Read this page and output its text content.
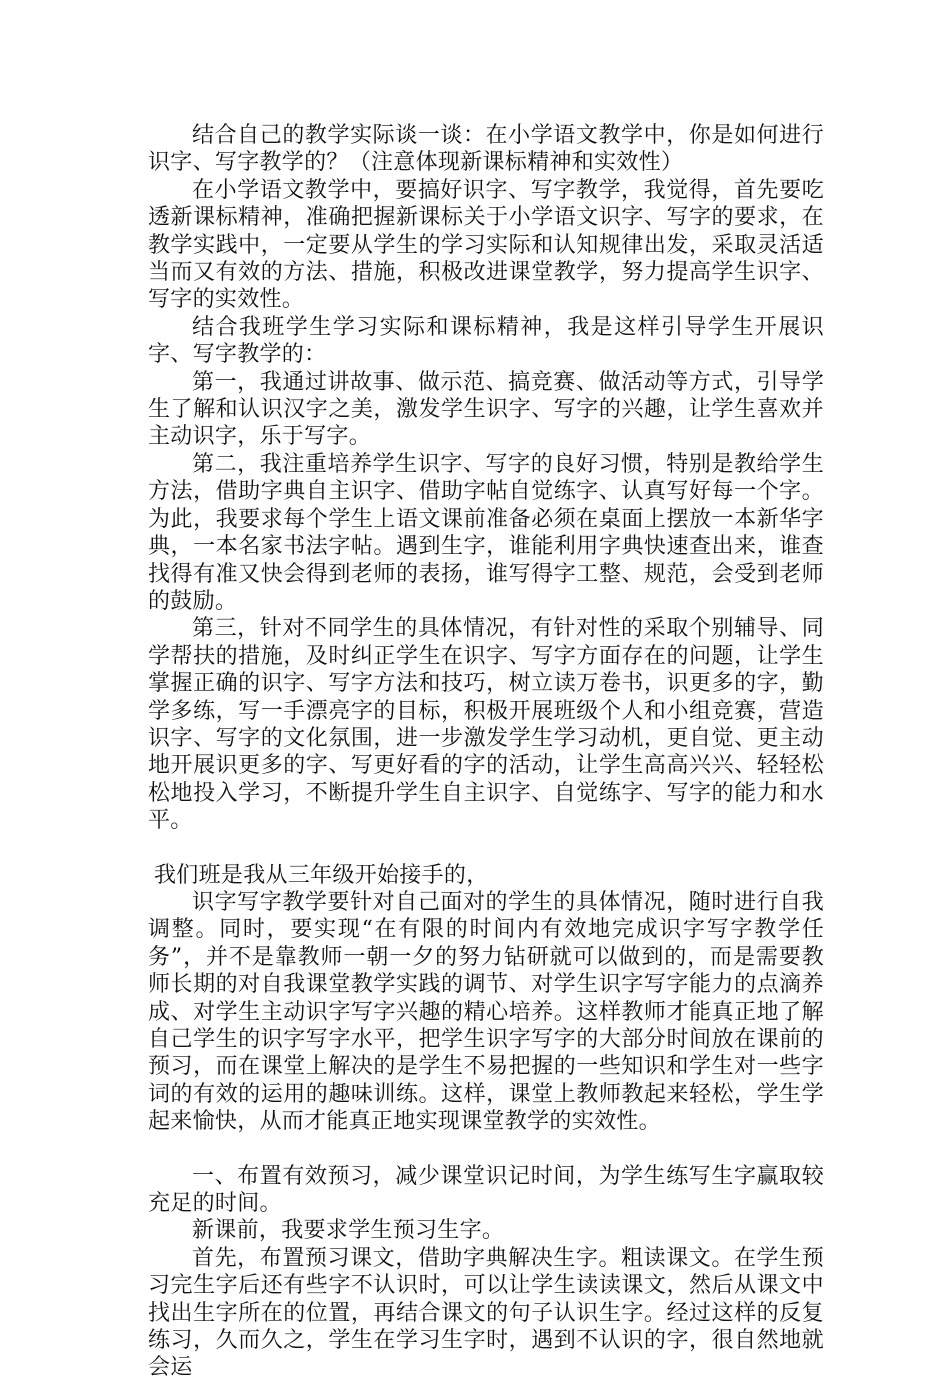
结合自己的教学实际谈一谈：在小学语文教学中，你是如何进行识字、写字教学的？（注意体现新课标精神和实效性）

在小学语文教学中，要搞好识字、写字教学，我觉得，首先要吃透新课标精神，准确把握新课标关于小学语文识字、写字的要求，在教学实践中，一定要从学生的学习实际和认知规律出发，采取灵活适当而又有效的方法、措施，积极改进课堂教学，努力提高学生识字、写字的实效性。

结合我班学生学习实际和课标精神，我是这样引导学生开展识字、写字教学的：

第一，我通过讲故事、做示范、搞竞赛、做活动等方式，引导学生了解和认识汉字之美，激发学生识字、写字的兴趣，让学生喜欢并主动识字，乐于写字。

第二，我注重培养学生识字、写字的良好习惯，特别是教给学生方法，借助字典自主识字、借助字帖自觉练字、认真写好每一个字。为此，我要求每个学生上语文课前准备必须在桌面上摆放一本新华字典，一本名家书法字帖。遇到生字，谁能利用字典快速查出来，谁查找得有准又快会得到老师的表扬，谁写得字工整、规范，会受到老师的鼓励。

第三，针对不同学生的具体情况，有针对性的采取个别辅导、同学帮扶的措施，及时纠正学生在识字、写字方面存在的问题，让学生掌握正确的识字、写字方法和技巧，树立读万卷书，识更多的字，勤学多练，写一手漂亮字的目标，积极开展班级个人和小组竞赛，营造识字、写字的文化氛围，进一步激发学生学习动机，更自觉、更主动地开展识更多的字、写更好看的字的活动，让学生高高兴兴、轻轻松松地投入学习，不断提升学生自主识字、自觉练字、写字的能力和水平。

我们班是我从三年级开始接手的，

识字写字教学要针对自己面对的学生的具体情况，随时进行自我调整。同时，要实现“在有限的时间内有效地完成识字写字教学任务”，并不是靠教师一朝一夕的努力钻研就可以做到的，而是需要教师长期的对自我课堂教学实践的调节、对学生识字写字能力的点滴养成、对学生主动识字写字兴趣的精心培养。这样教师才能真正地了解自己学生的识字写字水平，把学生识字写字的大部分时间放在课前的预习，而在课堂上解决的是学生不易把握的一些知识和学生对一些字词的有效的运用的趣味训练。这样，课堂上教师教起来轻松，学生学起来愉快，从而才能真正地实现课堂教学的实效性。

一、布置有效预习，减少课堂识记时间，为学生练写生字赢取较充足的时间。

新课前，我要求学生预习生字。

首先，布置预习课文，借助字典解决生字。粗读课文。在学生预习完生字后还有些字不认识时，可以让学生读读课文，然后从课文中找出生字所在的位置，再结合课文的句子认识生字。经过这样的反复练习，久而久之，学生在学习生字时，遇到不认识的字，很自然地就会运
